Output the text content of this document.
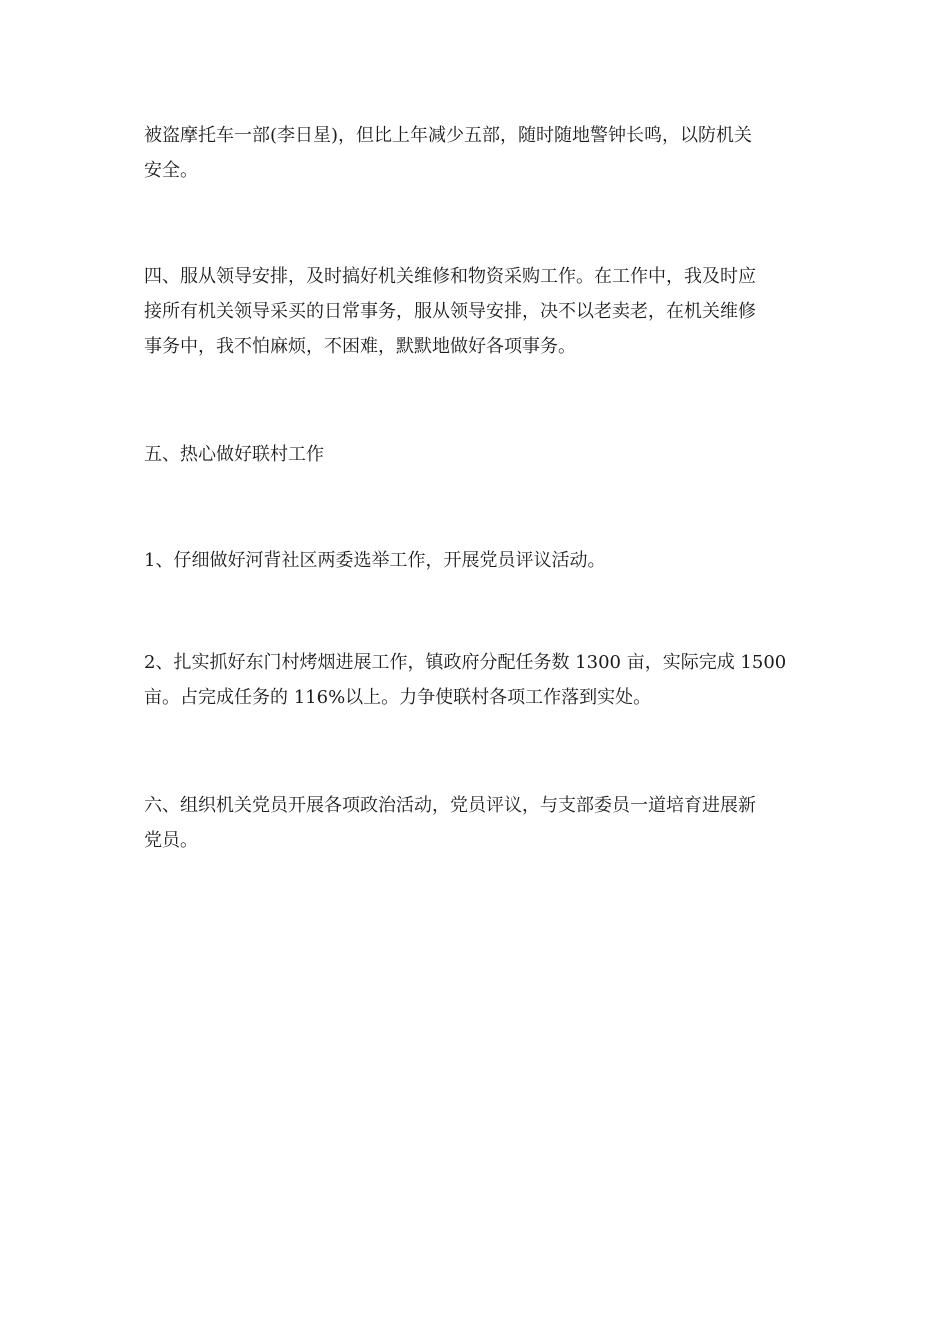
被盗摩托车一部(李日星)，但比上年减少五部，随时随地警钟长鸣，以防机关
安全。

四、服从领导安排，及时搞好机关维修和物资采购工作。在工作中，我及时应
接所有机关领导采买的日常事务，服从领导安排，决不以老卖老，在机关维修
事务中，我不怕麻烦，不困难，默默地做好各项事务。

五、热心做好联村工作

1、仔细做好河背社区两委选举工作，开展党员评议活动。

2、扎实抓好东门村烤烟进展工作，镇政府分配任务数 1300 亩，实际完成 1500
亩。占完成任务的 116%以上。力争使联村各项工作落到实处。

六、组织机关党员开展各项政治活动，党员评议，与支部委员一道培育进展新
党员。
